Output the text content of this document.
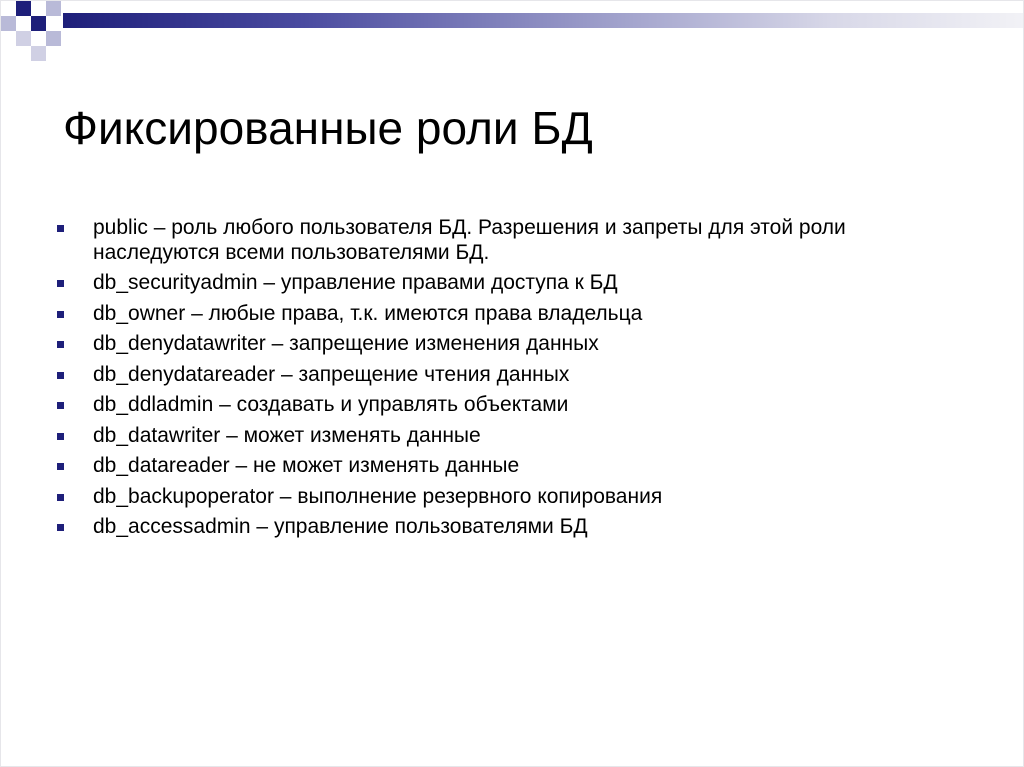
Фиксированные роли БД
public – роль любого пользователя БД. Разрешения и запреты для этой роли наследуются всеми пользователями БД.
db_securityadmin – управление правами доступа к БД
db_owner – любые права, т.к. имеются права владельца
db_denydatawriter – запрещение изменения данных
db_denydatareader – запрещение чтения данных
db_ddladmin – создавать и управлять объектами
db_datawriter – может изменять данные
db_datareader – не может изменять данные
db_backupoperator – выполнение резервного копирования
db_accessadmin – управление пользователями БД
